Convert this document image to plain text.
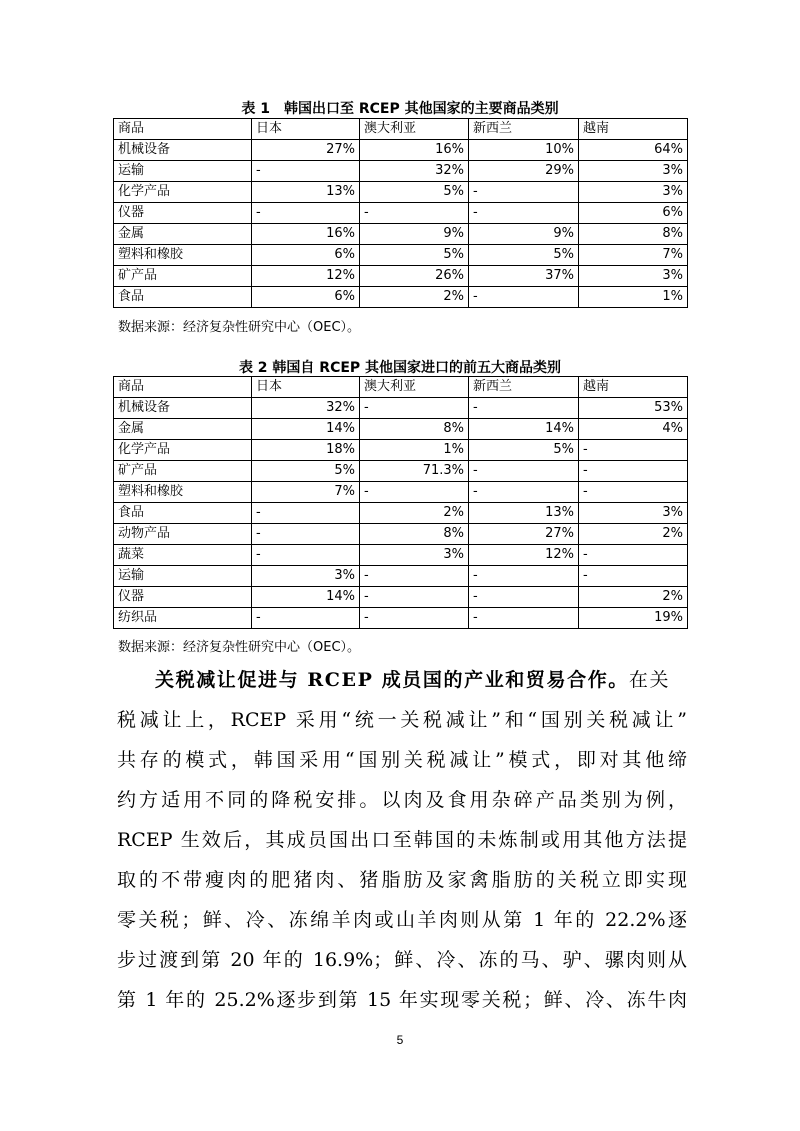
表 1　韩国出口至 RCEP 其他国家的主要商品类别
商品	日本	澳大利亚	新西兰	越南
机械设备	27%	16%	10%	64%
运输	-	32%	29%	3%
化学产品	13%	5%	-	3%
仪器	-	-	-	6%
金属	16%	9%	9%	8%
塑料和橡胶	6%	5%	5%	7%
矿产品	12%	26%	37%	3%
食品	6%	2%	-	1%
数据来源：经济复杂性研究中心（OEC）。
表 2 韩国自 RCEP 其他国家进口的前五大商品类别
商品	日本	澳大利亚	新西兰	越南
机械设备	32%	-	-	53%
金属	14%	8%	14%	4%
化学产品	18%	1%	5%	-
矿产品	5%	71.3%	-	-
塑料和橡胶	7%	-	-	-
食品	-	2%	13%	3%
动物产品	-	8%	27%	2%
蔬菜	-	3%	12%	-
运输	3%	-	-	-
仪器	14%	-	-	2%
纺织品	-	-	-	19%
数据来源：经济复杂性研究中心（OEC）。
关税减让促进与 RCEP 成员国的产业和贸易合作。在关
税减让上，RCEP 采用“统一关税减让”和“国别关税减让”
共存的模式，韩国采用“国别关税减让”模式，即对其他缔
约方适用不同的降税安排。以肉及食用杂碎产品类别为例，
RCEP 生效后，其成员国出口至韩国的未炼制或用其他方法提
取的不带瘦肉的肥猪肉、猪脂肪及家禽脂肪的关税立即实现
零关税；鲜、冷、冻绵羊肉或山羊肉则从第 1 年的 22.2%逐
步过渡到第 20 年的 16.9%；鲜、冷、冻的马、驴、骡肉则从
第 1 年的 25.2%逐步到第 15 年实现零关税；鲜、冷、冻牛肉
5
